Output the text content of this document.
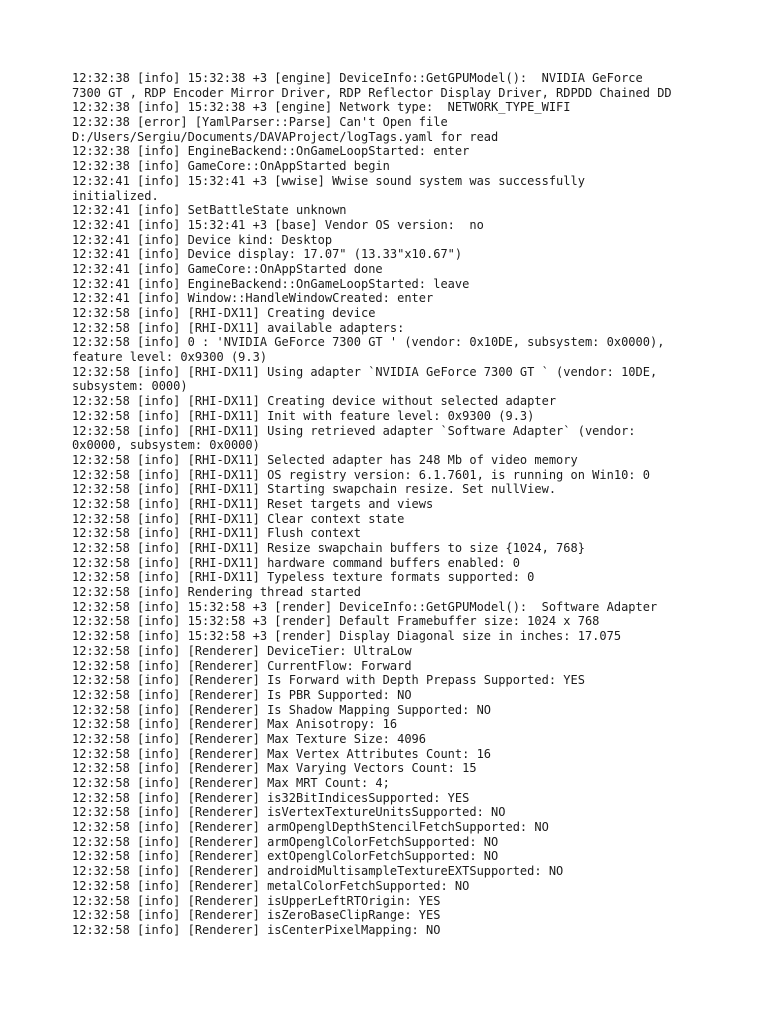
12:32:38 [info] 15:32:38 +3 [engine] DeviceInfo::GetGPUModel():  NVIDIA GeForce
7300 GT , RDP Encoder Mirror Driver, RDP Reflector Display Driver, RDPDD Chained DD
12:32:38 [info] 15:32:38 +3 [engine] Network type:  NETWORK_TYPE_WIFI
12:32:38 [error] [YamlParser::Parse] Can't Open file
D:/Users/Sergiu/Documents/DAVAProject/logTags.yaml for read
12:32:38 [info] EngineBackend::OnGameLoopStarted: enter
12:32:38 [info] GameCore::OnAppStarted begin
12:32:41 [info] 15:32:41 +3 [wwise] Wwise sound system was successfully
initialized.
12:32:41 [info] SetBattleState unknown
12:32:41 [info] 15:32:41 +3 [base] Vendor OS version:  no
12:32:41 [info] Device kind: Desktop
12:32:41 [info] Device display: 17.07" (13.33"x10.67")
12:32:41 [info] GameCore::OnAppStarted done
12:32:41 [info] EngineBackend::OnGameLoopStarted: leave
12:32:41 [info] Window::HandleWindowCreated: enter
12:32:58 [info] [RHI-DX11] Creating device
12:32:58 [info] [RHI-DX11] available adapters:
12:32:58 [info] 0 : 'NVIDIA GeForce 7300 GT ' (vendor: 0x10DE, subsystem: 0x0000),
feature level: 0x9300 (9.3)
12:32:58 [info] [RHI-DX11] Using adapter `NVIDIA GeForce 7300 GT ` (vendor: 10DE,
subsystem: 0000)
12:32:58 [info] [RHI-DX11] Creating device without selected adapter
12:32:58 [info] [RHI-DX11] Init with feature level: 0x9300 (9.3)
12:32:58 [info] [RHI-DX11] Using retrieved adapter `Software Adapter` (vendor:
0x0000, subsystem: 0x0000)
12:32:58 [info] [RHI-DX11] Selected adapter has 248 Mb of video memory
12:32:58 [info] [RHI-DX11] OS registry version: 6.1.7601, is running on Win10: 0
12:32:58 [info] [RHI-DX11] Starting swapchain resize. Set nullView.
12:32:58 [info] [RHI-DX11] Reset targets and views
12:32:58 [info] [RHI-DX11] Clear context state
12:32:58 [info] [RHI-DX11] Flush context
12:32:58 [info] [RHI-DX11] Resize swapchain buffers to size {1024, 768}
12:32:58 [info] [RHI-DX11] hardware command buffers enabled: 0
12:32:58 [info] [RHI-DX11] Typeless texture formats supported: 0
12:32:58 [info] Rendering thread started
12:32:58 [info] 15:32:58 +3 [render] DeviceInfo::GetGPUModel():  Software Adapter
12:32:58 [info] 15:32:58 +3 [render] Default Framebuffer size: 1024 x 768
12:32:58 [info] 15:32:58 +3 [render] Display Diagonal size in inches: 17.075
12:32:58 [info] [Renderer] DeviceTier: UltraLow
12:32:58 [info] [Renderer] CurrentFlow: Forward
12:32:58 [info] [Renderer] Is Forward with Depth Prepass Supported: YES
12:32:58 [info] [Renderer] Is PBR Supported: NO
12:32:58 [info] [Renderer] Is Shadow Mapping Supported: NO
12:32:58 [info] [Renderer] Max Anisotropy: 16
12:32:58 [info] [Renderer] Max Texture Size: 4096
12:32:58 [info] [Renderer] Max Vertex Attributes Count: 16
12:32:58 [info] [Renderer] Max Varying Vectors Count: 15
12:32:58 [info] [Renderer] Max MRT Count: 4;
12:32:58 [info] [Renderer] is32BitIndicesSupported: YES
12:32:58 [info] [Renderer] isVertexTextureUnitsSupported: NO
12:32:58 [info] [Renderer] armOpenglDepthStencilFetchSupported: NO
12:32:58 [info] [Renderer] armOpenglColorFetchSupported: NO
12:32:58 [info] [Renderer] extOpenglColorFetchSupported: NO
12:32:58 [info] [Renderer] androidMultisampleTextureEXTSupported: NO
12:32:58 [info] [Renderer] metalColorFetchSupported: NO
12:32:58 [info] [Renderer] isUpperLeftRTOrigin: YES
12:32:58 [info] [Renderer] isZeroBaseClipRange: YES
12:32:58 [info] [Renderer] isCenterPixelMapping: NO
